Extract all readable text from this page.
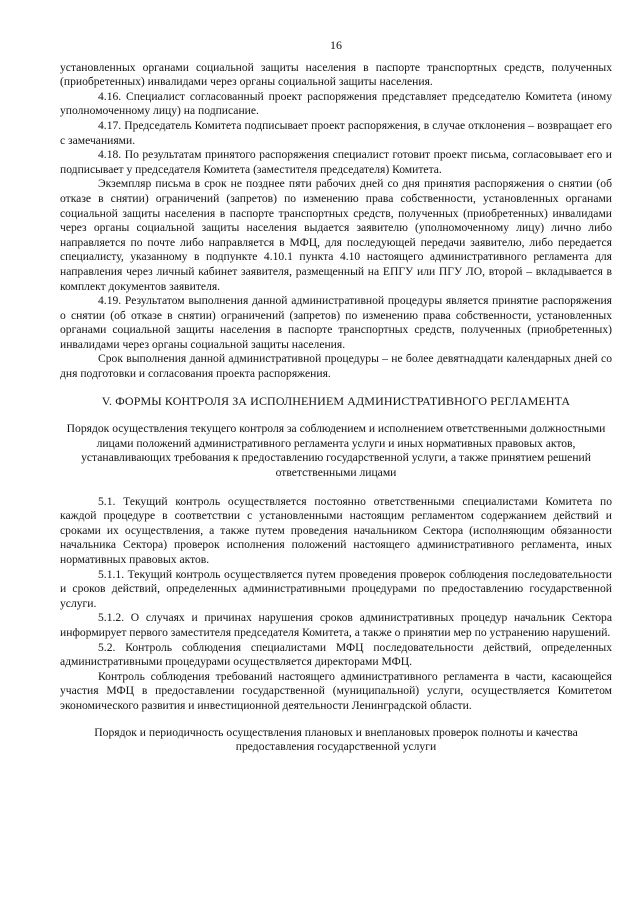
16

установленных органами социальной защиты населения в паспорте транспортных средств, полученных (приобретенных) инвалидами через органы социальной защиты населения.

4.16. Специалист согласованный проект распоряжения представляет председателю Комитета (иному уполномоченному лицу) на подписание.

4.17. Председатель Комитета подписывает проект распоряжения, в случае отклонения – возвращает его с замечаниями.

4.18. По результатам принятого распоряжения специалист готовит проект письма, согласовывает его и подписывает у председателя Комитета (заместителя председателя) Комитета.

Экземпляр письма в срок не позднее пяти рабочих дней со дня принятия распоряжения о снятии (об отказе в снятии) ограничений (запретов) по изменению права собственности, установленных органами социальной защиты населения в паспорте транспортных средств, полученных (приобретенных) инвалидами через органы социальной защиты населения выдается заявителю (уполномоченному лицу) лично либо направляется по почте либо направляется в МФЦ, для последующей передачи заявителю, либо передается специалисту, указанному в подпункте 4.10.1 пункта 4.10 настоящего административного регламента для направления через личный кабинет заявителя, размещенный на ЕПГУ или ПГУ ЛО, второй – вкладывается в комплект документов заявителя.

4.19. Результатом выполнения данной административной процедуры является принятие распоряжения о снятии (об отказе в снятии) ограничений (запретов) по изменению права собственности, установленных органами социальной защиты населения в паспорте транспортных средств, полученных (приобретенных) инвалидами через органы социальной защиты населения.

Срок выполнения данной административной процедуры – не более девятнадцати календарных дней со дня подготовки и согласования проекта распоряжения.

V. ФОРМЫ КОНТРОЛЯ ЗА ИСПОЛНЕНИЕМ АДМИНИСТРАТИВНОГО РЕГЛАМЕНТА

Порядок осуществления текущего контроля за соблюдением и исполнением ответственными должностными лицами положений административного регламента услуги и иных нормативных правовых актов, устанавливающих требования к предоставлению государственной услуги, а также принятием решений ответственными лицами

5.1. Текущий контроль осуществляется постоянно ответственными специалистами Комитета по каждой процедуре в соответствии с установленными настоящим регламентом содержанием действий и сроками их осуществления, а также путем проведения начальником Сектора (исполняющим обязанности начальника Сектора) проверок исполнения положений настоящего административного регламента, иных нормативных правовых актов.

5.1.1. Текущий контроль осуществляется путем проведения проверок соблюдения последовательности и сроков действий, определенных административными процедурами по предоставлению государственной услуги.

5.1.2. О случаях и причинах нарушения сроков административных процедур начальник Сектора информирует первого заместителя председателя Комитета, а также о принятии мер по устранению нарушений.

5.2. Контроль соблюдения специалистами МФЦ последовательности действий, определенных административными процедурами осуществляется директорами МФЦ.

Контроль соблюдения требований настоящего административного регламента в части, касающейся участия МФЦ в предоставлении государственной (муниципальной) услуги, осуществляется Комитетом экономического развития и инвестиционной деятельности Ленинградской области.

Порядок и периодичность осуществления плановых и внеплановых проверок полноты и качества предоставления государственной услуги
